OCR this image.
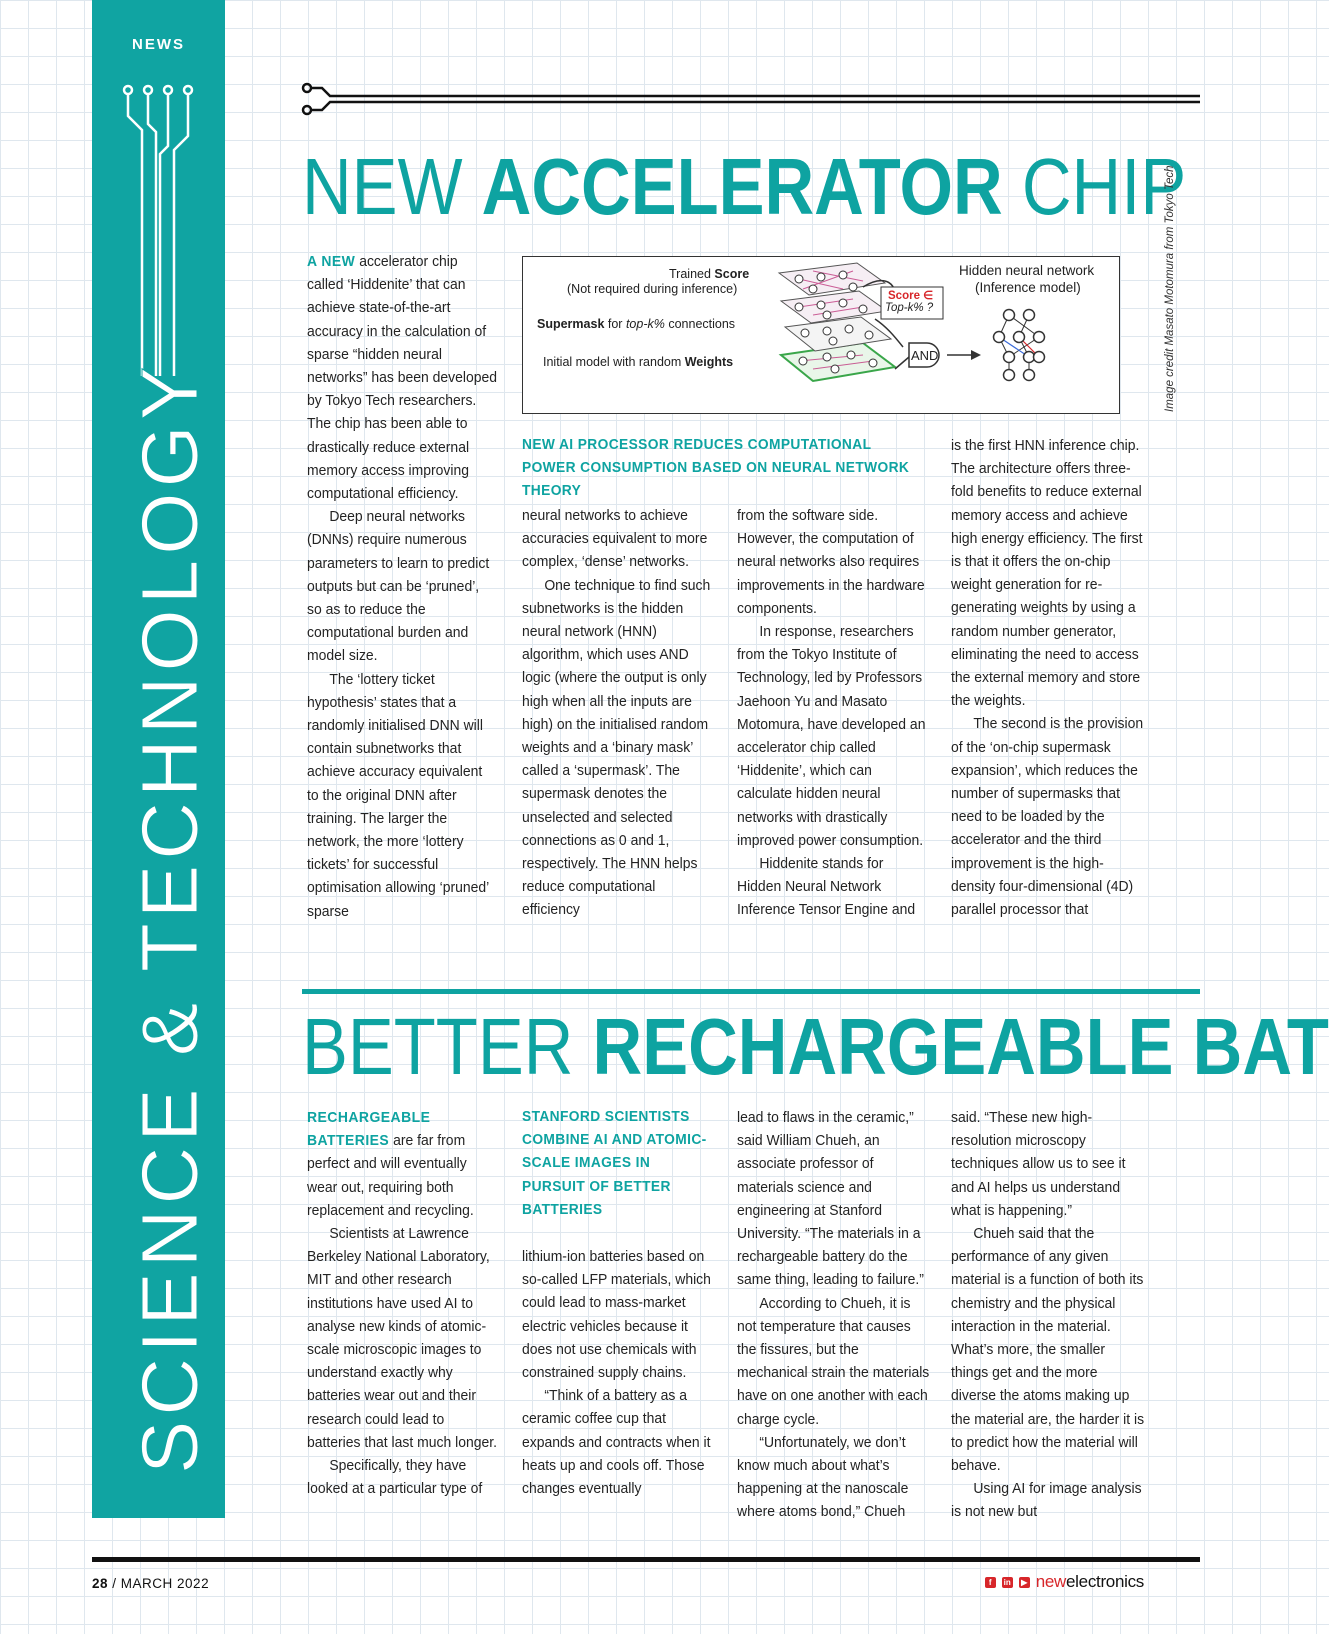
NEWS
SCIENCE & TECHNOLOGY
NEW ACCELERATOR CHIP
Image credit Masato Motomura from Tokyo Tech

A NEW accelerator chip called ‘Hiddenite’ that can achieve state-of-the-art accuracy in the calculation of sparse “hidden neural networks” has been developed by Tokyo Tech researchers. The chip has been able to drastically reduce external memory access improving computational efficiency.

Deep neural networks (DNNs) require numerous parameters to learn to predict outputs but can be ‘pruned’, so as to reduce the computational burden and model size.

The ‘lottery ticket hypothesis’ states that a randomly initialised DNN will contain subnetworks that achieve accuracy equivalent to the original DNN after training. The larger the network, the more ‘lottery tickets’ for successful optimisation allowing ‘pruned’ sparse

Trained Score
(Not required during inference)
Supermask for top-k% connections
Initial model with random Weights
Score ∈
Top-k% ?
AND
Hidden neural network
(Inference model)
NEW AI PROCESSOR REDUCES COMPUTATIONAL POWER CONSUMPTION BASED ON NEURAL NETWORK THEORY

neural networks to achieve accuracies equivalent to more complex, ‘dense’ networks.

One technique to find such subnetworks is the hidden neural network (HNN) algorithm, which uses AND logic (where the output is only high when all the inputs are high) on the initialised random weights and a ‘binary mask’ called a ‘supermask’. The supermask denotes the unselected and selected connections as 0 and 1, respectively. The HNN helps reduce computational efficiency

from the software side. However, the computation of neural networks also requires improvements in the hardware components.

In response, researchers from the Tokyo Institute of Technology, led by Professors Jaehoon Yu and Masato Motomura, have developed an accelerator chip called ‘Hiddenite’, which can calculate hidden neural networks with drastically improved power consumption.

Hiddenite stands for Hidden Neural Network Inference Tensor Engine and

is the first HNN inference chip. The architecture offers three-fold benefits to reduce external memory access and achieve high energy efficiency. The first is that it offers the on-chip weight generation for re-generating weights by using a random number generator, eliminating the need to access the external memory and store the weights.

The second is the provision of the ‘on-chip supermask expansion’, which reduces the number of supermasks that need to be loaded by the accelerator and the third improvement is the high-density four-dimensional (4D) parallel processor that

BETTER RECHARGEABLE BAT

RECHARGEABLE BATTERIES are far from perfect and will eventually wear out, requiring both replacement and recycling.

Scientists at Lawrence Berkeley National Laboratory, MIT and other research institutions have used AI to analyse new kinds of atomic-scale microscopic images to understand exactly why batteries wear out and their research could lead to batteries that last much longer.

Specifically, they have looked at a particular type of

STANFORD SCIENTISTS COMBINE AI AND ATOMIC-SCALE IMAGES IN PURSUIT OF BETTER BATTERIES

lithium-ion batteries based on so-called LFP materials, which could lead to mass-market electric vehicles because it does not use chemicals with constrained supply chains.

“Think of a battery as a ceramic coffee cup that expands and contracts when it heats up and cools off. Those changes eventually

lead to flaws in the ceramic,” said William Chueh, an associate professor of materials science and engineering at Stanford University. “The materials in a rechargeable battery do the same thing, leading to failure.”

According to Chueh, it is not temperature that causes the fissures, but the mechanical strain the materials have on one another with each charge cycle.

“Unfortunately, we don’t know much about what’s happening at the nanoscale where atoms bond,” Chueh

said. “These new high-resolution microscopy techniques allow us to see it and AI helps us understand what is happening.”

Chueh said that the performance of any given material is a function of both its chemistry and the physical interaction in the material. What’s more, the smaller things get and the more diverse the atoms making up the material are, the harder it is to predict how the material will behave.

Using AI for image analysis is not new but

28 / MARCH 2022	f	in	▶ newelectronics
